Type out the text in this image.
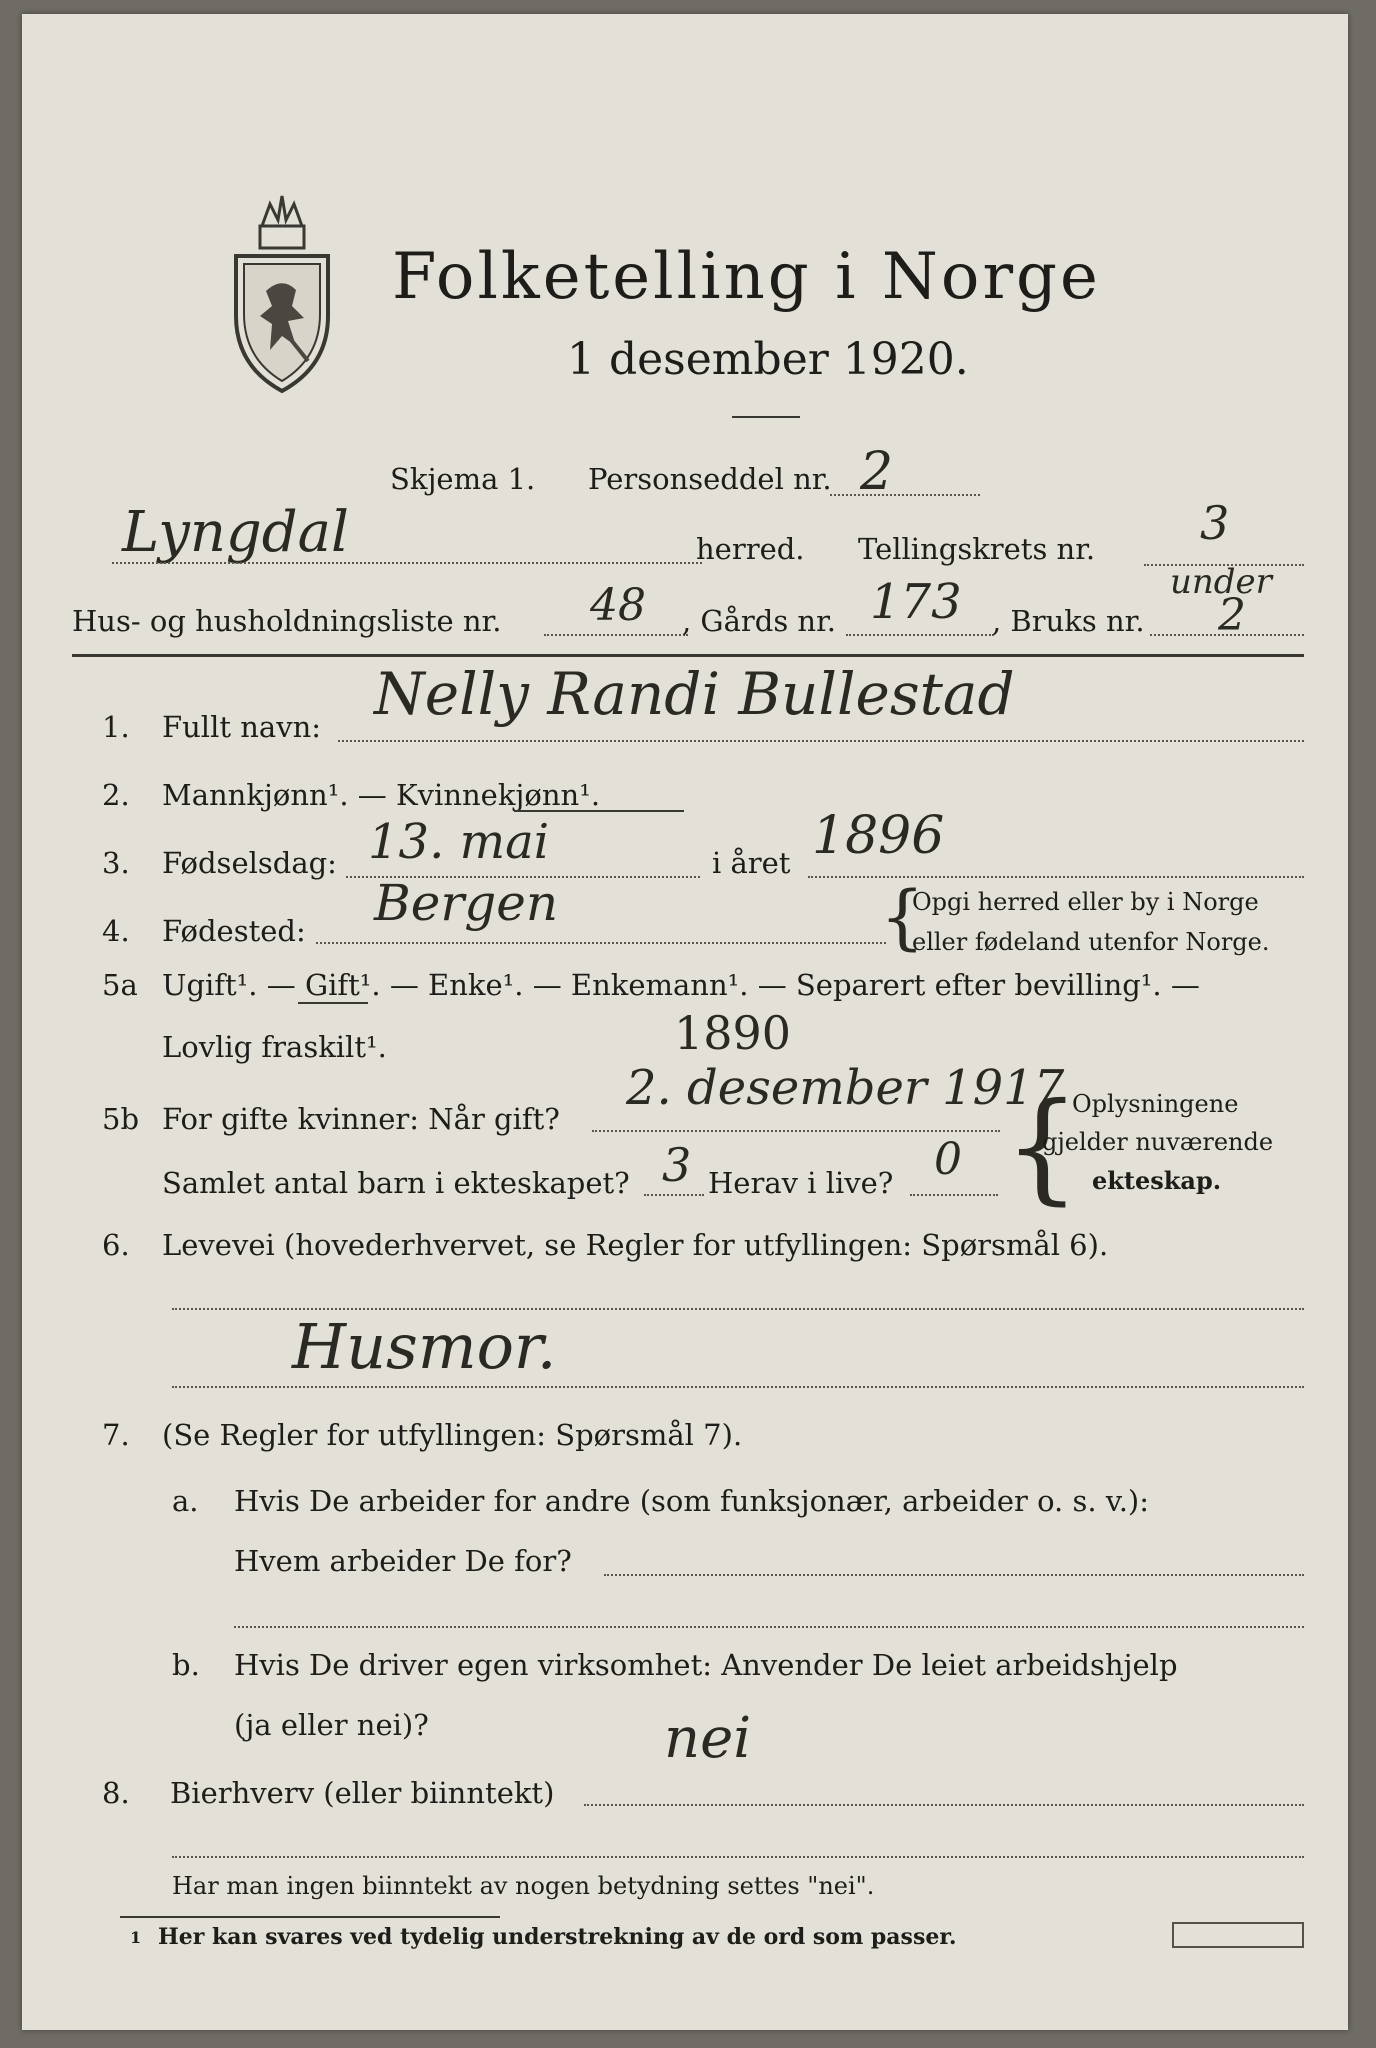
Folketelling i Norge
1 desember 1920.
Skjema 1. Personseddel nr. 2
Lyngdal	herred. Tellingskrets nr. 3
under
Hus- og husholdningsliste nr. 48 , Gårds nr. 173 , Bruks nr. 2
1. Fullt navn: Nelly Randi Bullestad
2. Mannkjønn¹. — Kvinnekjønn¹.
3. Fødselsdag: 13. mai	i året 1896
4. Fødested: Bergen	{
Opgi herred eller by i Norge
eller fødeland utenfor Norge.
5a Ugift¹. — Gift¹. — Enke¹. — Enkemann¹. — Separert efter bevilling¹. —
Lovlig fraskilt¹.	1890
5b For gifte kvinner: Når gift?
2. desember 1917
Samlet antal barn i ekteskapet? 3 Herav i live? 0 {
Oplysningene
gjelder nuværende
ekteskap.
6. Levevei (hovederhvervet, se Regler for utfyllingen: Spørsmål 6).
Husmor.
7. (Se Regler for utfyllingen: Spørsmål 7).
a. Hvis De arbeider for andre (som funksjonær, arbeider o. s. v.):
Hvem arbeider De for?
b. Hvis De driver egen virksomhet: Anvender De leiet arbeidshjelp
(ja eller nei)?	nei
8. Bierhverv (eller biinntekt)
Har man ingen biinntekt av nogen betydning settes "nei".
1 Her kan svares ved tydelig understrekning av de ord som passer.
